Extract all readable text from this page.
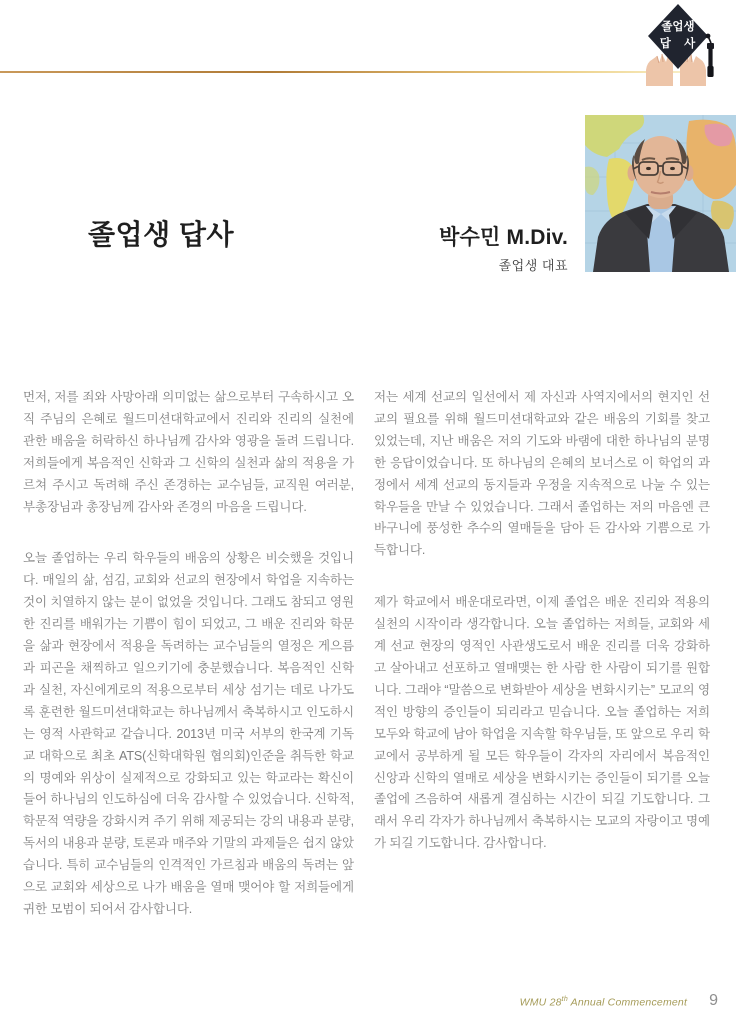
졸업생
답 사
졸업생 답사	박수민 M.Div.
졸업생 대표

먼저, 저를 죄와 사망아래 의미없는 삶으로부터 구속하시고 오직 주님의 은혜로 월드미션대학교에서 진리와 진리의 실천에 관한 배움을 허락하신 하나님께 감사와 영광을 돌려 드립니다. 저희들에게 복음적인 신학과 그 신학의 실천과 삶의 적용을 가르쳐 주시고 독려해 주신 존경하는 교수님들, 교직원 여러분, 부총장님과 총장님께 감사와 존경의 마음을 드립니다.

오늘 졸업하는 우리 학우들의 배움의 상황은 비슷했을 것입니다. 매일의 삶, 섬김, 교회와 선교의 현장에서 학업을 지속하는 것이 치열하지 않는 분이 없었을 것입니다. 그래도 참되고 영원한 진리를 배워가는 기쁨이 힘이 되었고, 그 배운 진리와 학문을 삶과 현장에서 적용을 독려하는 교수님들의 열정은 게으름과 피곤을 채찍하고 일으키기에 충분했습니다. 복음적인 신학과 실천, 자신에게로의 적용으로부터 세상 섬기는 데로 나가도록 훈련한 월드미션대학교는 하나님께서 축복하시고 인도하시는 영적 사관학교 같습니다. 2013년 미국 서부의 한국계 기독교 대학으로 최초 ATS(신학대학원 협의회)인준을 취득한 학교의 명예와 위상이 실제적으로 강화되고 있는 학교라는 확신이 들어 하나님의 인도하심에 더욱 감사할 수 있었습니다. 신학적, 학문적 역량을 강화시켜 주기 위해 제공되는 강의 내용과 분량, 독서의 내용과 분량, 토론과 매주와 기말의 과제들은 쉽지 않았습니다. 특히 교수님들의 인격적인 가르침과 배움의 독려는 앞으로 교회와 세상으로 나가 배움을 열매 맺어야 할 저희들에게 귀한 모범이 되어서 감사합니다.

저는 세계 선교의 일선에서 제 자신과 사역지에서의 현지인 선교의 필요를 위해 월드미션대학교와 같은 배움의 기회를 찾고 있었는데, 지난 배움은 저의 기도와 바램에 대한 하나님의 분명한 응답이었습니다. 또 하나님의 은혜의 보너스로 이 학업의 과정에서 세계 선교의 동지들과 우정을 지속적으로 나눌 수 있는 학우들을 만날 수 있었습니다. 그래서 졸업하는 저의 마음엔 큰 바구니에 풍성한 추수의 열매들을 담아 든 감사와 기쁨으로 가득합니다.

제가 학교에서 배운대로라면, 이제 졸업은 배운 진리와 적용의 실천의 시작이라 생각합니다. 오늘 졸업하는 저희들, 교회와 세계 선교 현장의 영적인 사관생도로서 배운 진리를 더욱 강화하고 살아내고 선포하고 열매맺는 한 사람 한 사람이 되기를 원합니다. 그래야 “말씀으로 변화받아 세상을 변화시키는” 모교의 영적인 방향의 증인들이 되리라고 믿습니다. 오늘 졸업하는 저희 모두와 학교에 남아 학업을 지속할 학우님들, 또 앞으로 우리 학교에서 공부하게 될 모든 학우들이 각자의 자리에서 복음적인 신앙과 신학의 열매로 세상을 변화시키는 증인들이 되기를 오늘 졸업에 즈음하여 새롭게 결심하는 시간이 되길 기도합니다. 그래서 우리 각자가 하나님께서 축복하시는 모교의 자랑이고 명예가 되길 기도합니다. 감사합니다.

WMU 28th Annual Commencement 9
